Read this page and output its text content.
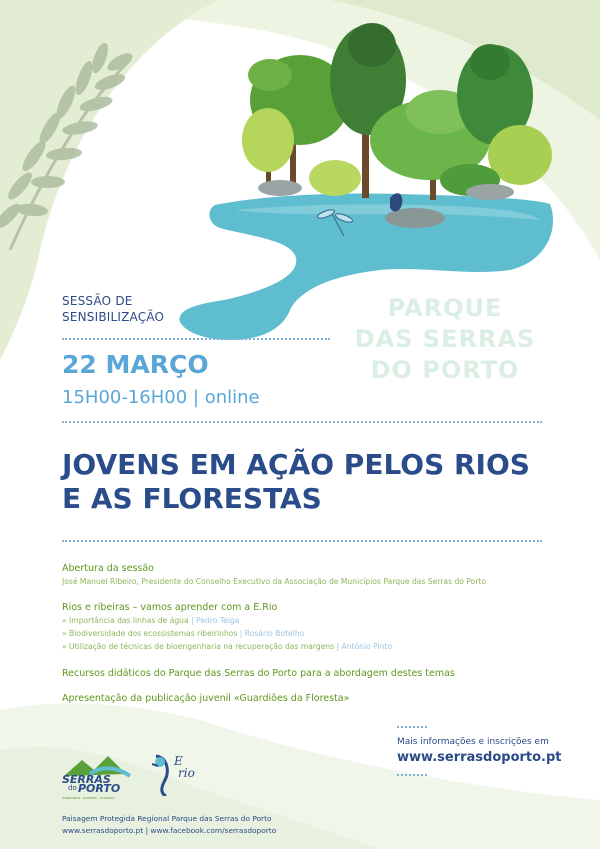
SESSÃO DE
SENSIBILIZAÇÃO	PARQUE
DAS SERRAS
DO PORTO
22 MARÇO
15H00-16H00 | online
JOVENS EM AÇÃO PELOS RIOS
E AS FLORESTAS
Abertura da sessão
José Manuel Ribeiro, Presidente do Conselho Executivo da Associação de Municípios Parque das Serras do Porto
Rios e ribeiras – vamos aprender com a E.Rio
» Importância das linhas de água | Pedro Teiga
» Biodiversidade dos ecossistemas ribeirinhos | Rosário Botelho
» Utilização de técnicas de bioengenharia na recuperação das margens | António Pinto
Recursos didáticos do Parque das Serras do Porto para a abordagem destes temas
Apresentação da publicação juvenil «Guardiões da Floresta»
Mais informações e inscrições em
www.serrasdoporto.pt
SERRAS
do PORTO
GONDOMAR · PAREDES · VALONGO
E
rio
Paisagem Protegida Regional Parque das Serras do Porto
www.serrasdoporto.pt | www.facebook.com/serrasdoporto
